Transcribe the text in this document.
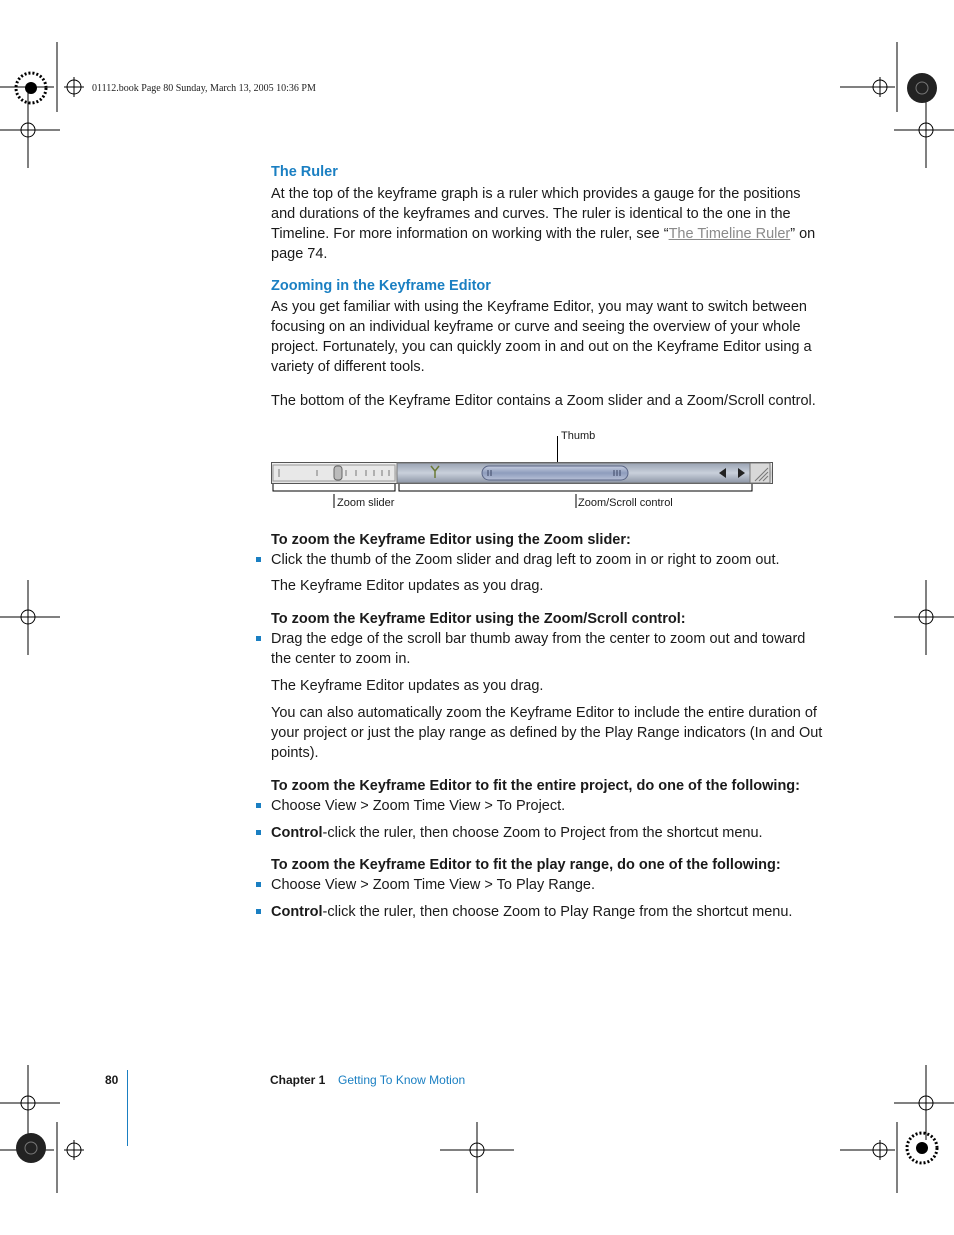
01112.book Page 80 Sunday, March 13, 2005 10:36 PM
The Ruler
At the top of the keyframe graph is a ruler which provides a gauge for the positions
and durations of the keyframes and curves. The ruler is identical to the one in the
Timeline. For more information on working with the ruler, see “The Timeline Ruler” on
page 74.
Zooming in the Keyframe Editor
As you get familiar with using the Keyframe Editor, you may want to switch between
focusing on an individual keyframe or curve and seeing the overview of your whole
project. Fortunately, you can quickly zoom in and out on the Keyframe Editor using a
variety of different tools.
The bottom of the Keyframe Editor contains a Zoom slider and a Zoom/Scroll control.
Thumb
Zoom slider	Zoom/Scroll control
To zoom the Keyframe Editor using the Zoom slider:
Click the thumb of the Zoom slider and drag left to zoom in or right to zoom out.
The Keyframe Editor updates as you drag.
To zoom the Keyframe Editor using the Zoom/Scroll control:
Drag the edge of the scroll bar thumb away from the center to zoom out and toward
the center to zoom in.
The Keyframe Editor updates as you drag.
You can also automatically zoom the Keyframe Editor to include the entire duration of
your project or just the play range as defined by the Play Range indicators (In and Out
points).
To zoom the Keyframe Editor to fit the entire project, do one of the following:
Choose View > Zoom Time View > To Project.
Control-click the ruler, then choose Zoom to Project from the shortcut menu.
To zoom the Keyframe Editor to fit the play range, do one of the following:
Choose View > Zoom Time View > To Play Range.
Control-click the ruler, then choose Zoom to Play Range from the shortcut menu.
80	Chapter 1 Getting To Know Motion
